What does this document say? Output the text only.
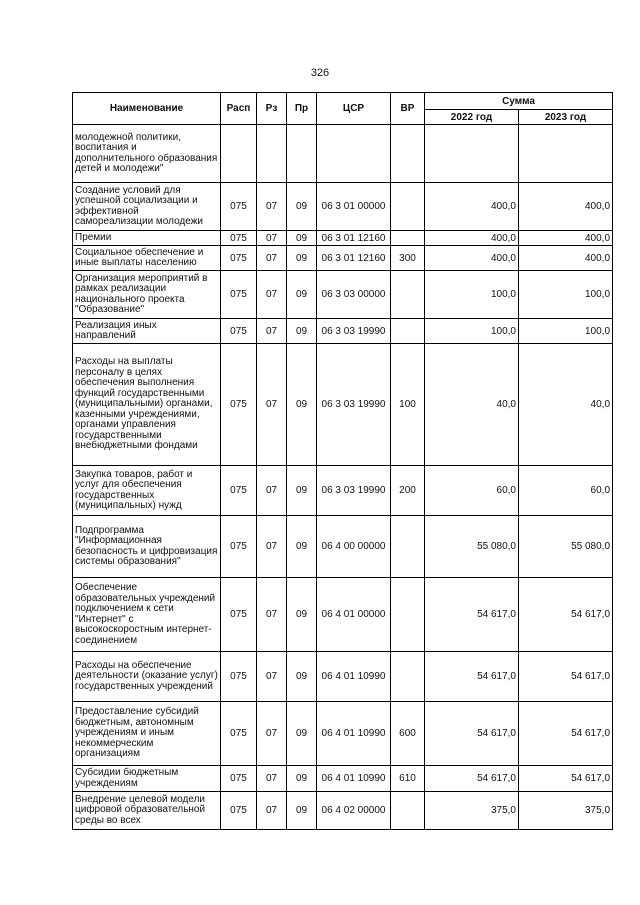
326
Наименование	Расп	Рз	Пр	ЦСР	ВР	Сумма	
						2022 год	2023 год
молодежной политики, воспитания и дополнительного образования детей и молодежи"							
Создание условий для успешной социализации и эффективной самореализации молодежи	075	07	09	06 3 01 00000		400,0	400,0
Премии	075	07	09	06 3 01 12160		400,0	400,0
Социальное обеспечение и иные выплаты населению	075	07	09	06 3 01 12160	300	400,0	400,0
Организация мероприятий в рамках реализации национального проекта "Образование"	075	07	09	06 3 03 00000		100,0	100,0
Реализация иных направлений	075	07	09	06 3 03 19990		100,0	100,0
Расходы на выплаты персоналу в целях обеспечения выполнения функций государственными (муниципальными) органами, казенными учреждениями, органами управления государственными внебюджетными фондами	075	07	09	06 3 03 19990	100	40,0	40,0
Закупка товаров, работ и услуг для обеспечения государственных (муниципальных) нужд	075	07	09	06 3 03 19990	200	60,0	60,0
Подпрограмма "Информационная безопасность и цифровизация системы образования"	075	07	09	06 4 00 00000		55 080,0	55 080,0
Обеспечение образовательных учреждений подключением к сети "Интернет" с высокоскоростным интернет-соединением	075	07	09	06 4 01 00000		54 617,0	54 617,0
Расходы на обеспечение деятельности (оказание услуг) государственных учреждений	075	07	09	06 4 01 10990		54 617,0	54 617,0
Предоставление субсидий бюджетным, автономным учреждениям и иным некоммерческим организациям	075	07	09	06 4 01 10990	600	54 617,0	54 617,0
Субсидии бюджетным учреждениям	075	07	09	06 4 01 10990	610	54 617,0	54 617,0
Внедрение целевой модели цифровой образовательной среды во всех	075	07	09	06 4 02 00000		375,0	375,0
